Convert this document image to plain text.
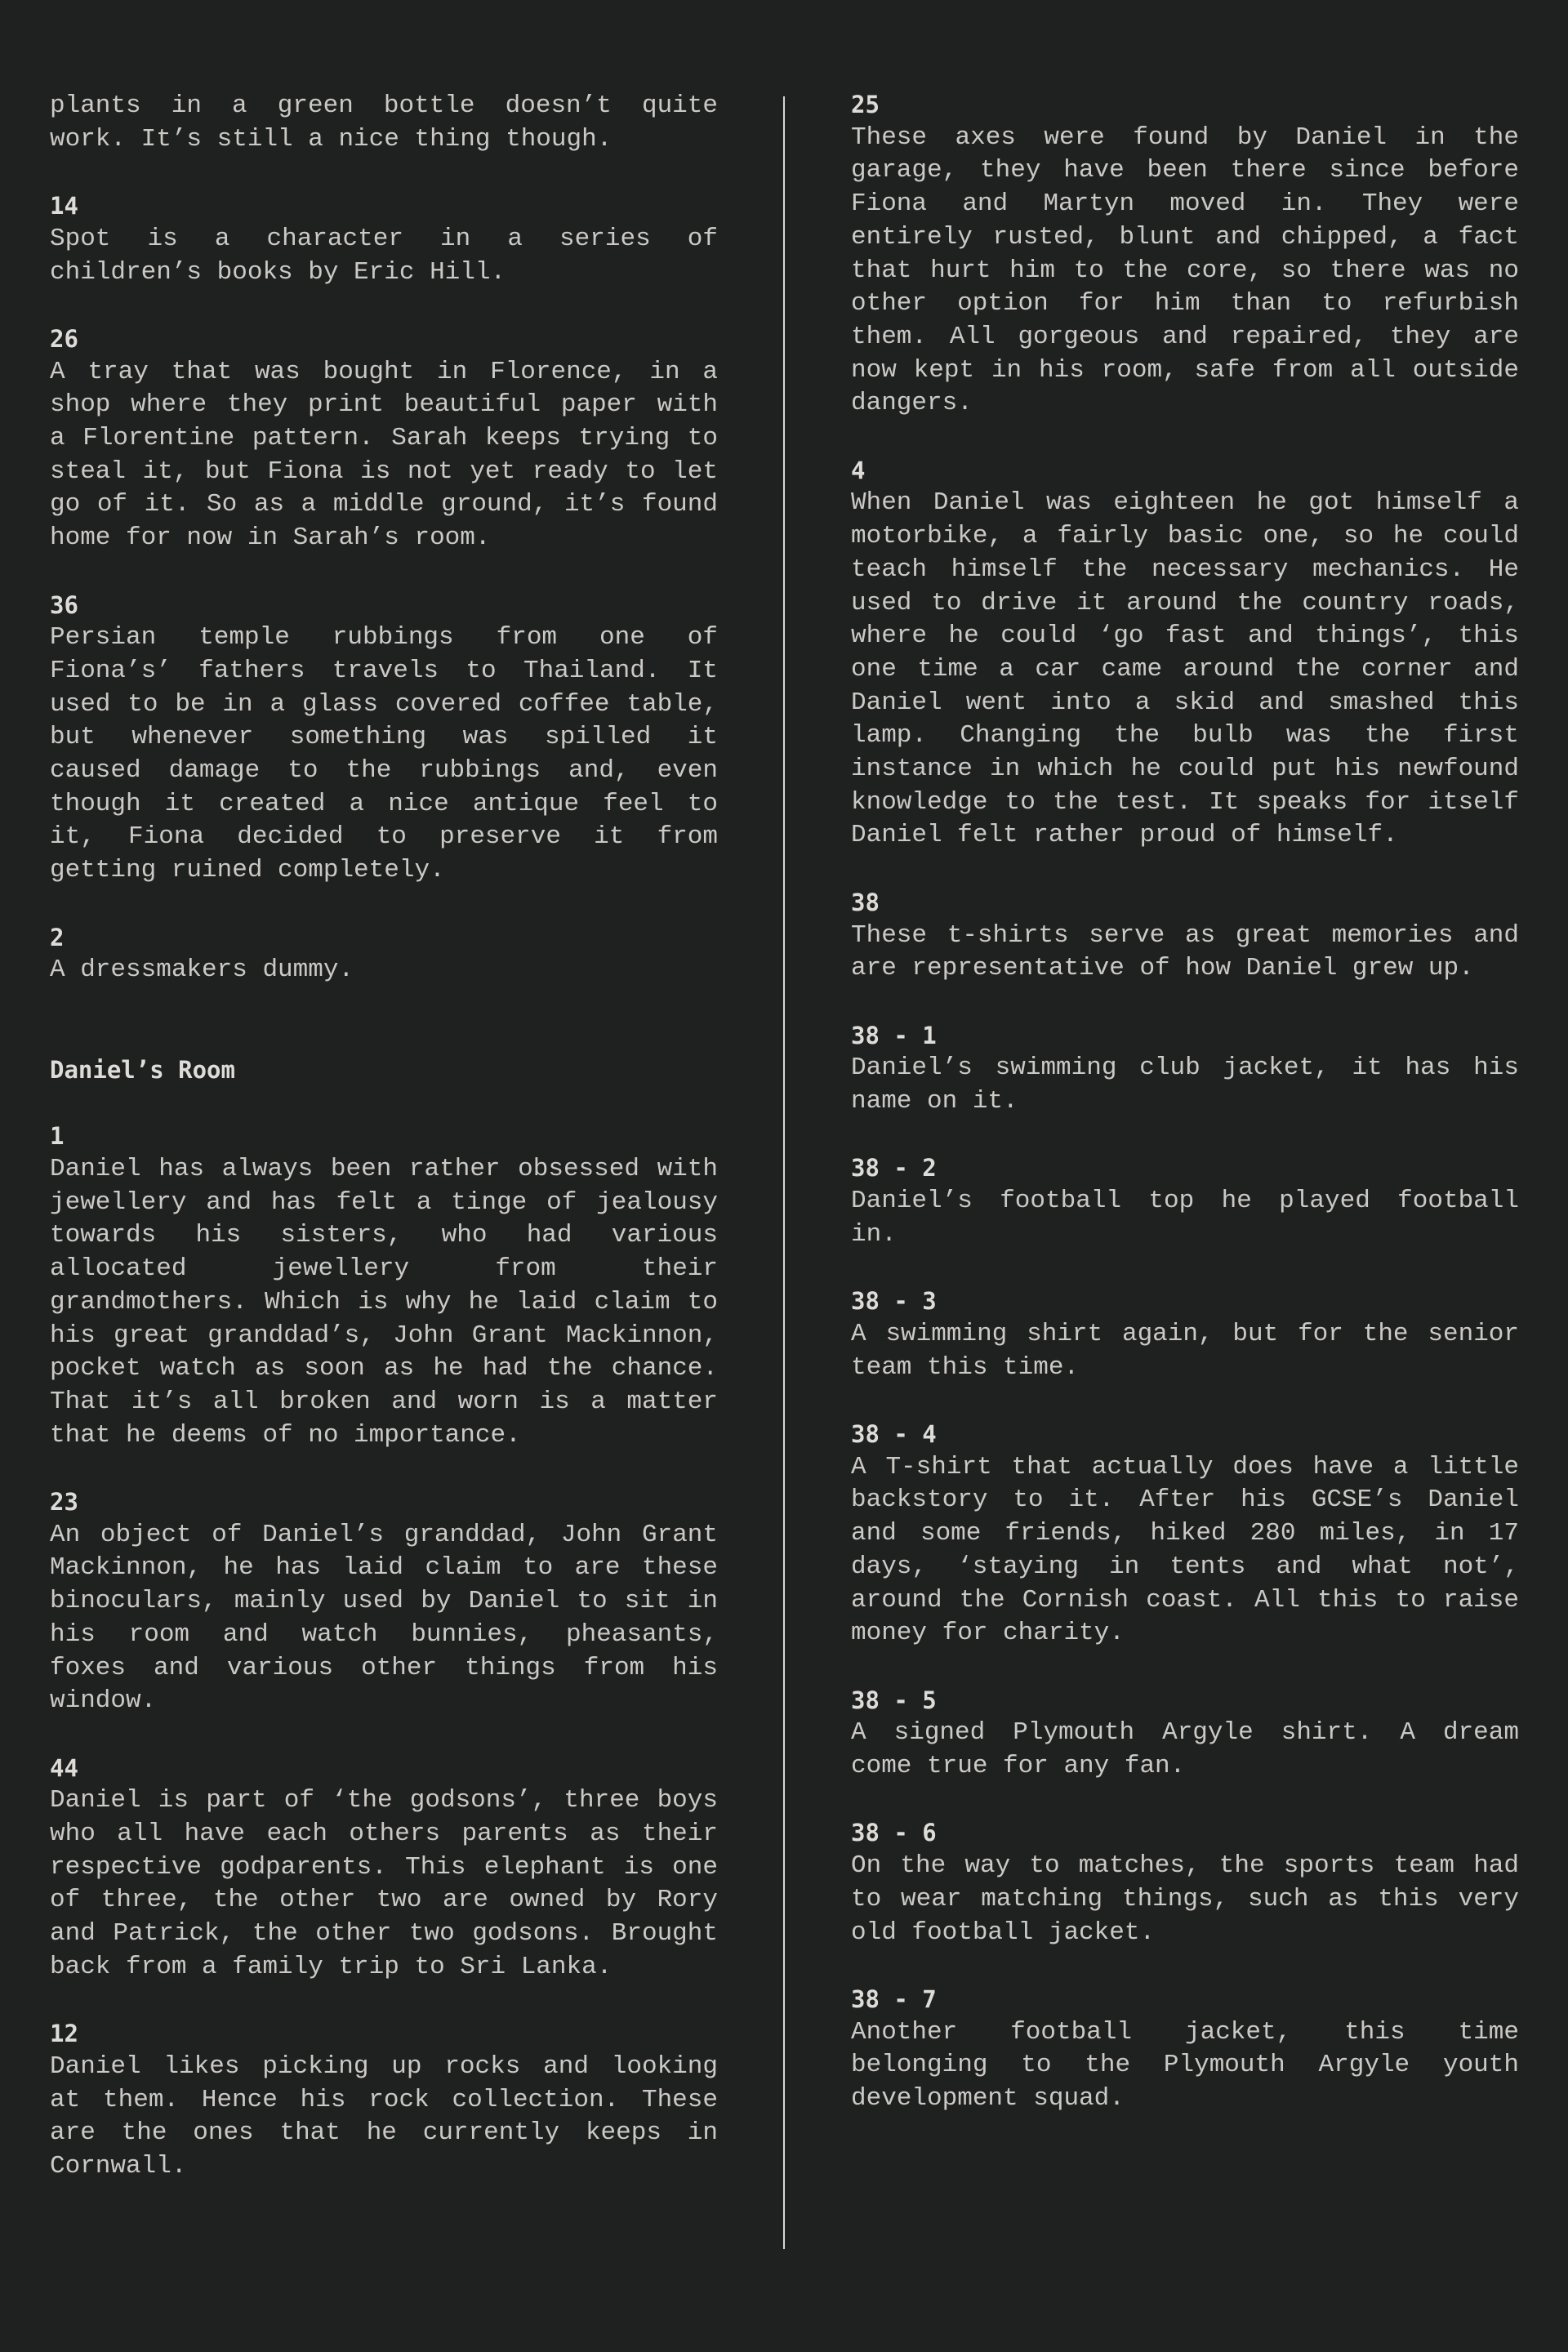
plants in a green bottle doesn’t quite work. It’s still a nice thing though.
14
Spot is a character in a series of children’s books by Eric Hill.
26
A tray that was bought in Florence, in a shop where they print beautiful paper with a Florentine pattern. Sarah keeps trying to steal it, but Fiona is not yet ready to let go of it. So as a middle ground, it’s found home for now in Sarah’s room.
36
Persian temple rubbings from one of Fiona’s’ fathers travels to Thailand. It used to be in a glass covered coffee table, but whenever something was spilled it caused damage to the rubbings and, even though it created a nice antique feel to it, Fiona decided to preserve it from getting ruined completely.
2
A dressmakers dummy.
Daniel’s Room
1
Daniel has always been rather obsessed with jewellery and has felt a tinge of jealousy towards his sisters, who had various allocated jewellery from their grandmothers. Which is why he laid claim to his great granddad’s, John Grant Mackinnon, pocket watch as soon as he had the chance. That it’s all broken and worn is a matter that he deems of no importance.
23
An object of Daniel’s granddad, John Grant Mackinnon, he has laid claim to are these binoculars, mainly used by Daniel to sit in his room and watch bunnies, pheasants, foxes and various other things from his window.
44
Daniel is part of ‘the godsons’, three boys who all have each others parents as their respective godparents. This elephant is one of three, the other two are owned by Rory and Patrick, the other two godsons. Brought back from a family trip to Sri Lanka.
12
Daniel likes picking up rocks and looking at them. Hence his rock collection. These are the ones that he currently keeps in Cornwall.
25
These axes were found by Daniel in the garage, they have been there since before Fiona and Martyn moved in. They were entirely rusted, blunt and chipped, a fact that hurt him to the core, so there was no other option for him than to refurbish them. All gorgeous and repaired, they are now kept in his room, safe from all outside dangers.
4
When Daniel was eighteen he got himself a motorbike, a fairly basic one, so he could teach himself the necessary mechanics. He used to drive it around the country roads, where he could ‘go fast and things’, this one time a car came around the corner and Daniel went into a skid and smashed this lamp. Changing the bulb was the first instance in which he could put his newfound knowledge to the test. It speaks for itself Daniel felt rather proud of himself.
38
These t-shirts serve as great memories and are representative of how Daniel grew up.
38 - 1
Daniel’s swimming club jacket, it has his name on it.
38 - 2
Daniel’s football top he played football in.
38 - 3
A swimming shirt again, but for the senior team this time.
38 - 4
A T-shirt that actually does have a little backstory to it. After his GCSE’s Daniel and some friends, hiked 280 miles, in 17 days, ‘staying in tents and what not’, around the Cornish coast. All this to raise money for charity.
38 - 5
A signed Plymouth Argyle shirt. A dream come true for any fan.
38 - 6
On the way to matches, the sports team had to wear matching things, such as this very old football jacket.
38 - 7
Another football jacket, this time belonging to the Plymouth Argyle youth development squad.
